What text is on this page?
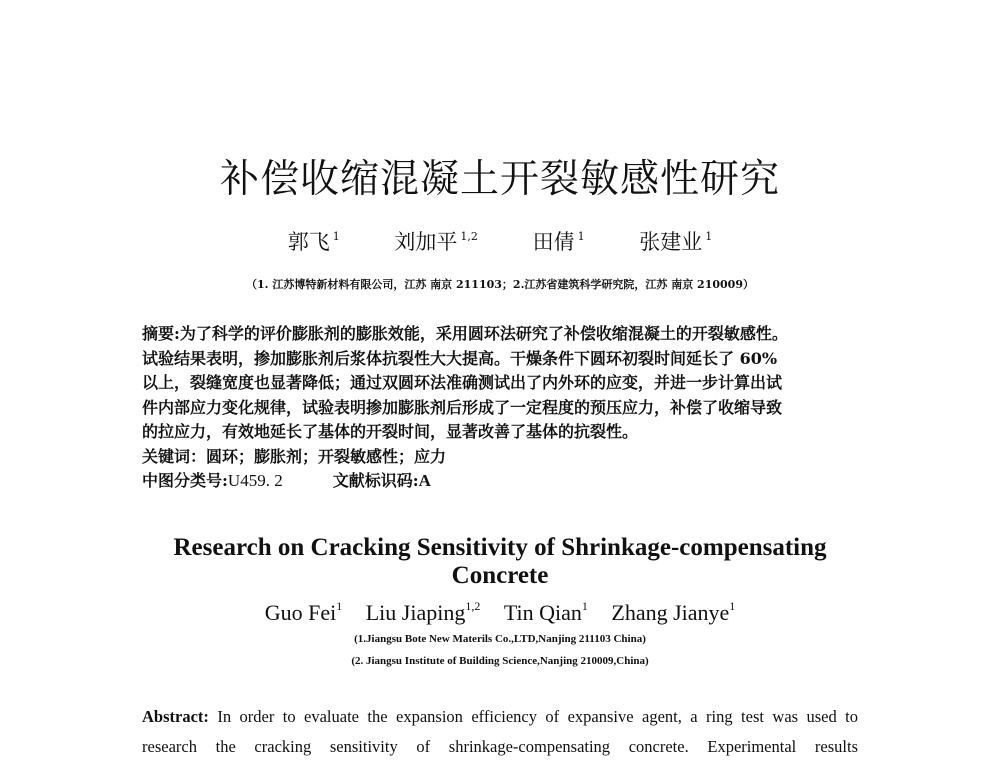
补偿收缩混凝土开裂敏感性研究
郭飞 $^1$	刘加平 $^{1,2}$	田倩 $^1$	张建业 $^1$
（1. 江苏博特新材料有限公司，江苏 南京 211103；2.江苏省建筑科学研究院，江苏 南京 210009）
摘要:为了科学的评价膨胀剂的膨胀效能，采用圆环法研究了补偿收缩混凝土的开裂敏感性。
试验结果表明，掺加膨胀剂后浆体抗裂性大大提高。干燥条件下圆环初裂时间延长了 60%
以上，裂缝宽度也显著降低；通过双圆环法准确测试出了内外环的应变，并进一步计算出试
件内部应力变化规律，试验表明掺加膨胀剂后形成了一定程度的预压应力，补偿了收缩导致
的拉应力，有效地延长了基体的开裂时间，显著改善了基体的抗裂性。
关键词：圆环；膨胀剂；开裂敏感性；应力
中图分类号:U459. 2	文献标识码:A
Research on Cracking Sensitivity of Shrinkage-compensating
Concrete
Guo Fei$^1$ Liu Jiaping$^{1,2}$ Tin Qian$^1$ Zhang Jianye$^1$
(1.Jiangsu Bote New Materils Co.,LTD,Nanjing 211103 China)
(2. Jiangsu Institute of Building Science,Nanjing 210009,China)
Abstract: In order to evaluate the expansion efficiency of expansive agent, a ring test was used to
research the cracking sensitivity of shrinkage-compensating concrete. Experimental results
